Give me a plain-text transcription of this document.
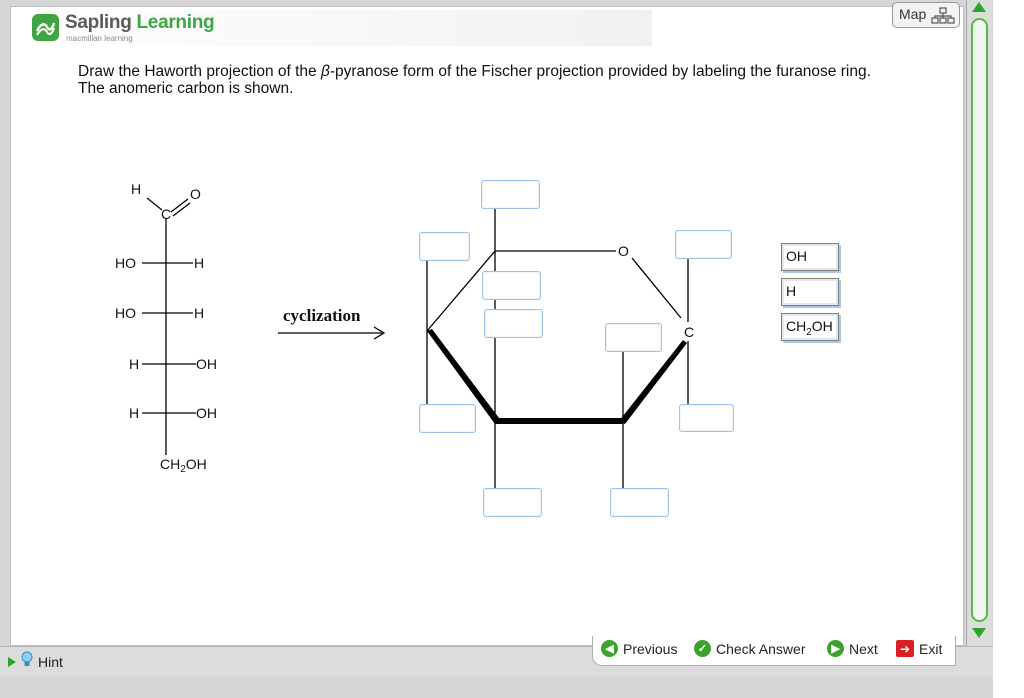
Sapling Learning
macmillan learning
Map
Draw the Haworth projection of the β-pyranose form of the Fischer projection provided by labeling the furanose ring. The anomeric carbon is shown.
H	O
C
HO	H
HO	H
H	OH
H	OH
$CH_2OH$
cyclization
O
C
OH
H
$CH_2OH$
Hint
◀ Previous	✓ Check Answer	▶ Next	➔ Exit
